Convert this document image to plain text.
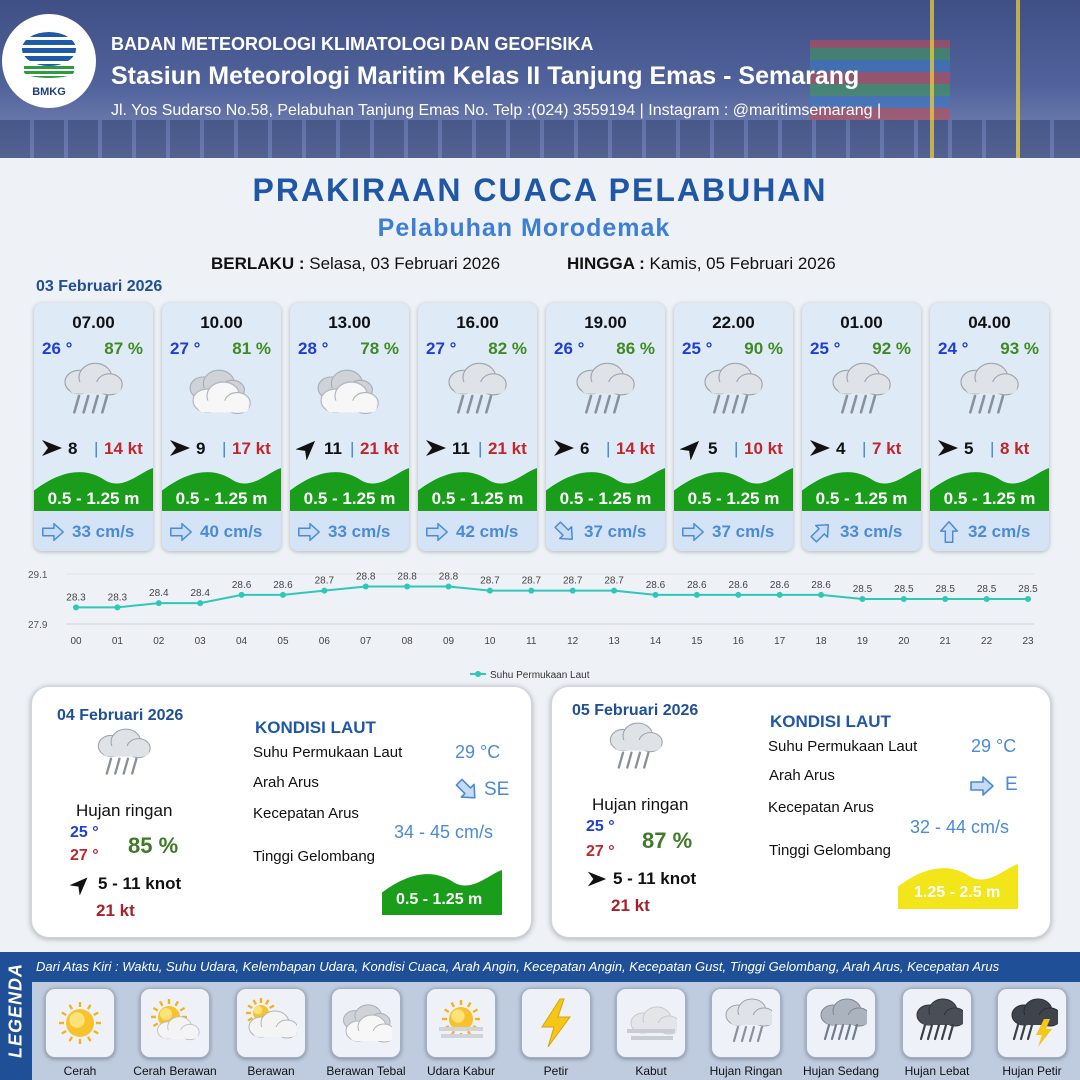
BMKG
BADAN METEOROLOGI KLIMATOLOGI DAN GEOFISIKA
Stasiun Meteorologi Maritim Kelas II Tanjung Emas - Semarang
Jl. Yos Sudarso No.58, Pelabuhan Tanjung Emas No. Telp :(024) 3559194 | Instagram : @maritimsemarang |
PRAKIRAAN CUACA PELABUHAN
Pelabuhan Morodemak
BERLAKU : Selasa, 03 Februari 2026	HINGGA : Kamis, 05 Februari 2026
03 Februari 2026
07.00
26 ° 87 %
8 | 14 kt
0.5 - 1.25 m
33 cm/s
10.00
27 ° 81 %
9 | 17 kt
0.5 - 1.25 m
40 cm/s
13.00
28 ° 78 %
11 | 21 kt
0.5 - 1.25 m
33 cm/s
16.00
27 ° 82 %
11 | 21 kt
0.5 - 1.25 m
42 cm/s
19.00
26 ° 86 %
6 | 14 kt
0.5 - 1.25 m
37 cm/s
22.00
25 ° 90 %
5 | 10 kt
0.5 - 1.25 m
37 cm/s
01.00
25 ° 92 %
4 | 7 kt
0.5 - 1.25 m
33 cm/s
04.00
24 ° 93 %
5 | 8 kt
0.5 - 1.25 m
32 cm/s
29.1
27.9
28.3
00
28.3
01
28.4
02
28.4
03
28.6
04
28.6
05
28.7
06
28.8
07
28.8
08
28.8
09
28.7
10
28.7
11
28.7
12
28.7
13
28.6
14
28.6
15
28.6
16
28.6
17
28.6
18
28.5
19
28.5
20
28.5
21
28.5
22
28.5
23
Suhu Permukaan Laut
04 Februari 2026
Hujan ringan
25 °
27 ° 85 %
5 - 11 knot
21 kt
KONDISI LAUT
Suhu Permukaan Laut	29 °C
Arah Arus	SE
Kecepatan Arus
34 - 45 cm/s
Tinggi Gelombang
0.5 - 1.25 m
05 Februari 2026
Hujan ringan
25 °
27 ° 87 %
5 - 11 knot
21 kt
KONDISI LAUT
Suhu Permukaan Laut	29 °C
Arah Arus	E
Kecepatan Arus
32 - 44 cm/s
Tinggi Gelombang
1.25 - 2.5 m
LEGENDA Dari Atas Kiri : Waktu, Suhu Udara, Kelembapan Udara, Kondisi Cuaca, Arah Angin, Kecepatan Angin, Kecepatan Gust, Tinggi Gelombang, Arah Arus, Kecepatan Arus
Cerah	Cerah Berawan	Berawan	Berawan Tebal	Udara Kabur	Petir	Kabut	Hujan Ringan	Hujan Sedang	Hujan Lebat	Hujan Petir
